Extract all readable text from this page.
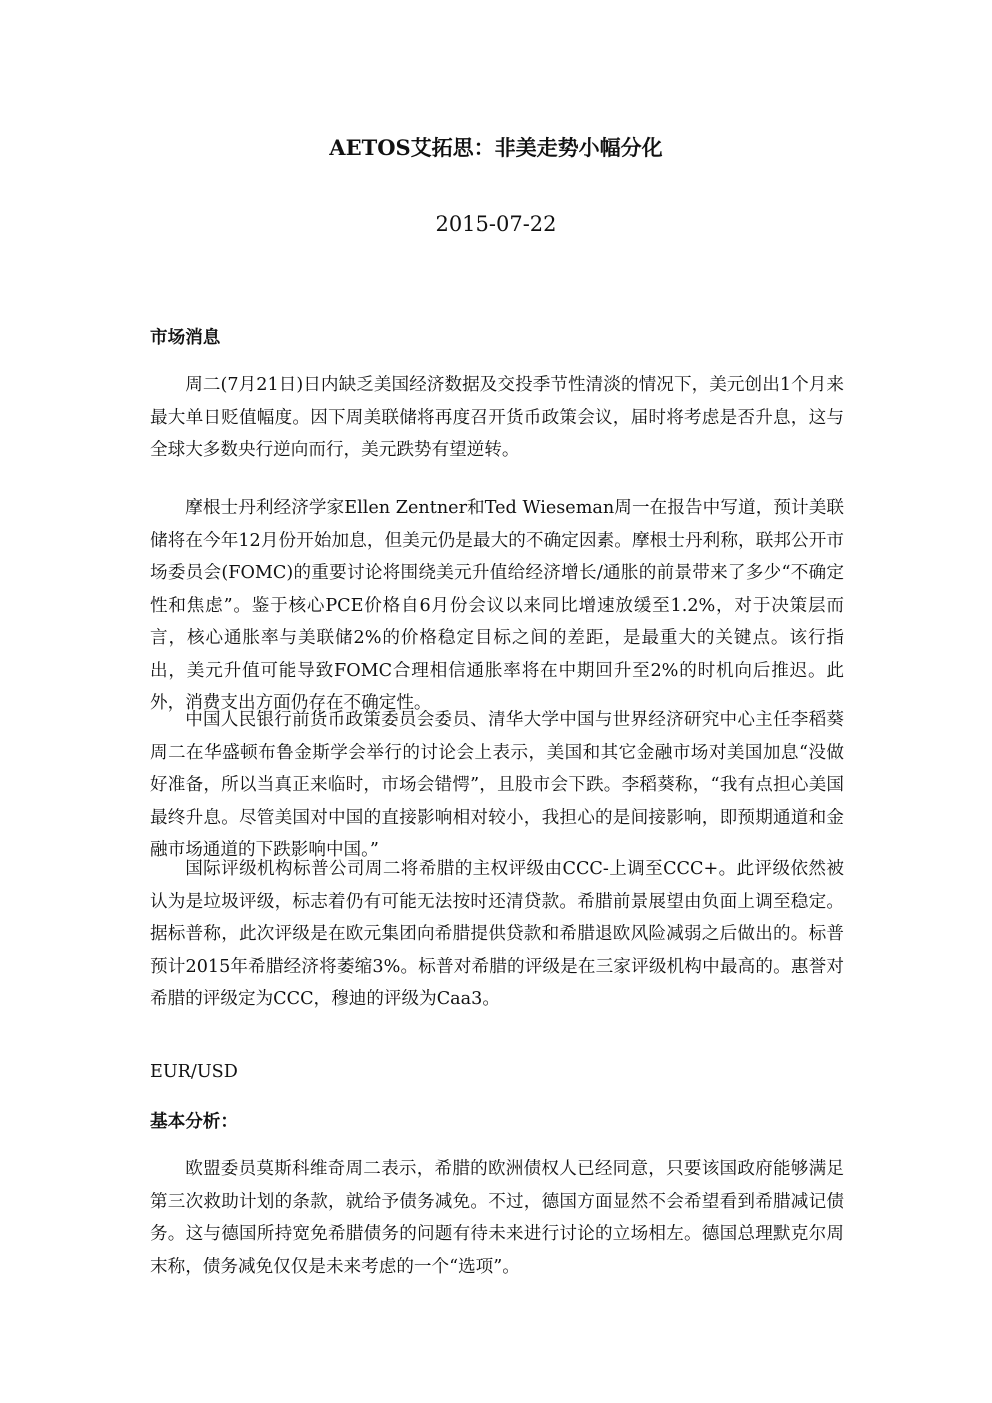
AETOS艾拓思：非美走势小幅分化

2015-07-22

市场消息

周二(7月21日)日内缺乏美国经济数据及交投季节性清淡的情况下，美元创出1个月来最大单日贬值幅度。因下周美联储将再度召开货币政策会议，届时将考虑是否升息，这与全球大多数央行逆向而行，美元跌势有望逆转。

摩根士丹利经济学家Ellen Zentner和Ted Wieseman周一在报告中写道，预计美联储将在今年12月份开始加息，但美元仍是最大的不确定因素。摩根士丹利称，联邦公开市场委员会(FOMC)的重要讨论将围绕美元升值给经济增长/通胀的前景带来了多少“不确定性和焦虑”。鉴于核心PCE价格自6月份会议以来同比增速放缓至1.2%，对于决策层而言，核心通胀率与美联储2%的价格稳定目标之间的差距，是最重大的关键点。该行指出，美元升值可能导致FOMC合理相信通胀率将在中期回升至2%的时机向后推迟。此外，消费支出方面仍存在不确定性。

中国人民银行前货币政策委员会委员、清华大学中国与世界经济研究中心主任李稻葵周二在华盛顿布鲁金斯学会举行的讨论会上表示，美国和其它金融市场对美国加息“没做好准备，所以当真正来临时，市场会错愕”，且股市会下跌。李稻葵称，“我有点担心美国最终升息。尽管美国对中国的直接影响相对较小，我担心的是间接影响，即预期通道和金融市场通道的下跌影响中国。”

国际评级机构标普公司周二将希腊的主权评级由CCC-上调至CCC+。此评级依然被认为是垃圾评级，标志着仍有可能无法按时还清贷款。希腊前景展望由负面上调至稳定。据标普称，此次评级是在欧元集团向希腊提供贷款和希腊退欧风险减弱之后做出的。标普预计2015年希腊经济将萎缩3%。标普对希腊的评级是在三家评级机构中最高的。惠誉对希腊的评级定为CCC，穆迪的评级为Caa3。

EUR/USD

基本分析：

欧盟委员莫斯科维奇周二表示，希腊的欧洲债权人已经同意，只要该国政府能够满足第三次救助计划的条款，就给予债务减免。不过，德国方面显然不会希望看到希腊减记债务。这与德国所持宽免希腊债务的问题有待未来进行讨论的立场相左。德国总理默克尔周末称，债务减免仅仅是未来考虑的一个“选项”。
